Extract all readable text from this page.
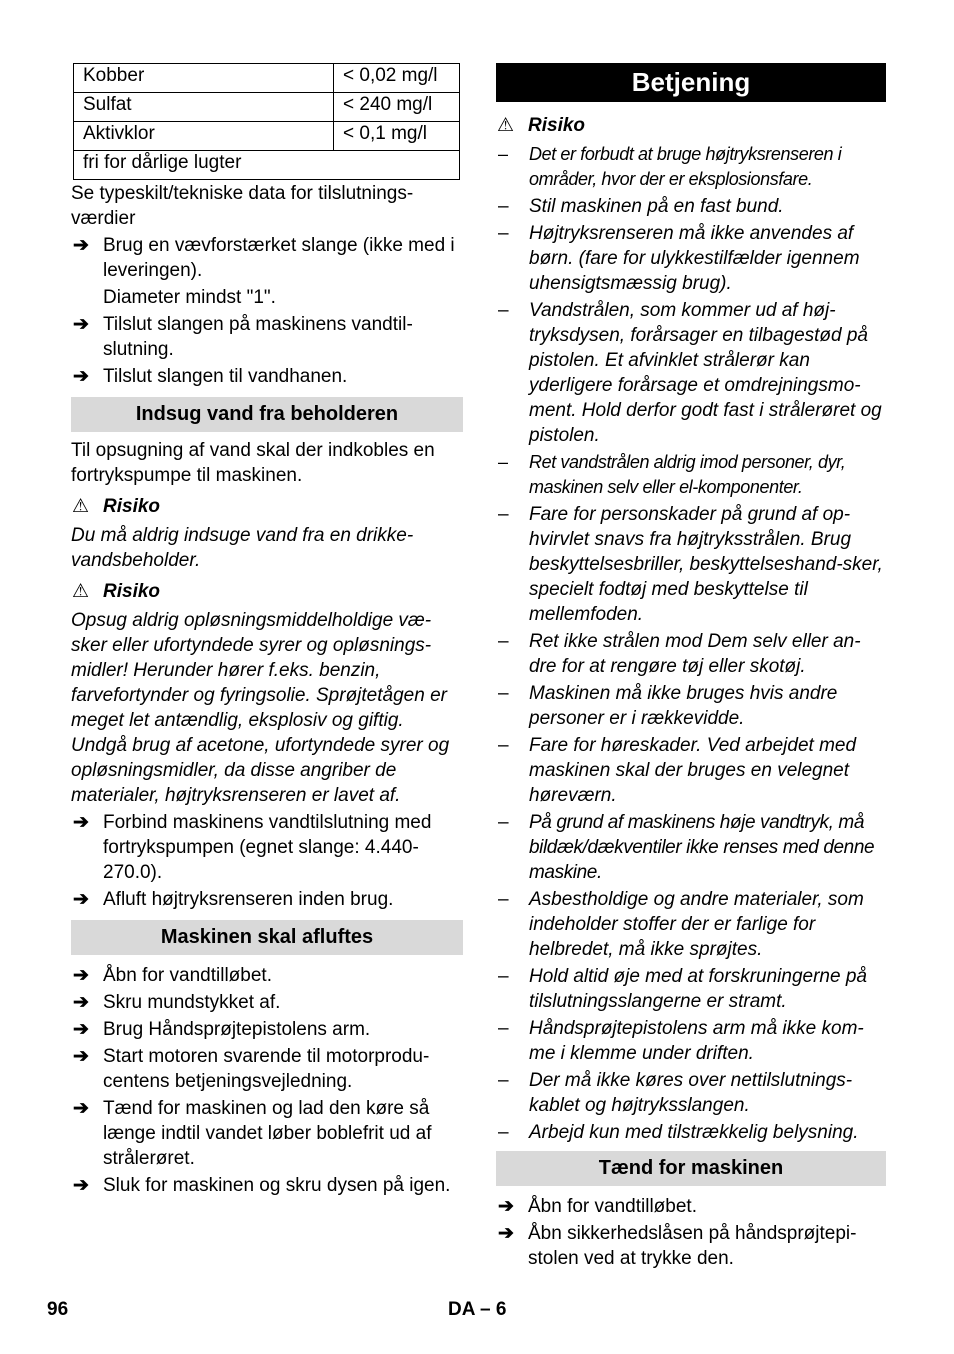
Kobber	< 0,02 mg/l
Sulfat	< 240 mg/l
Aktivklor	< 0,1 mg/l
fri for dårlige lugter	

Se typeskilt/tekniske data for tilslutnings-værdier

➔ Brug en vævforstærket slange (ikke med i leveringen).

Diameter mindst "1".

➔ Tilslut slangen på maskinens vandtil-slutning.
➔ Tilslut slangen til vandhanen.
Indsug vand fra beholderen

Til opsugning af vand skal der indkobles en fortrykspumpe til maskinen.

⚠ Risiko

Du må aldrig indsuge vand fra en drikke-vandsbeholder.

⚠ Risiko

Opsug aldrig opløsningsmiddelholdige væ-sker eller ufortyndede syrer og opløsnings-midler! Herunder hører f.eks. benzin, farvefortynder og fyringsolie. Sprøjtetågen er meget let antændlig, eksplosiv og giftig. Undgå brug af acetone, ufortyndede syrer og opløsningsmidler, da disse angriber de materialer, højtryksrenseren er lavet af.

➔ Forbind maskinens vandtilslutning med fortrykspumpen (egnet slange: 4.440-270.0).
➔ Afluft højtryksrenseren inden brug.
Maskinen skal afluftes
➔ Åbn for vandtilløbet.
➔ Skru mundstykket af.
➔ Brug Håndsprøjtepistolens arm.
➔ Start motoren svarende til motorprodu-centens betjeningsvejledning.
➔ Tænd for maskinen og lad den køre så længe indtil vandet løber boblefrit ud af strålerøret.
➔ Sluk for maskinen og skru dysen på igen.
Betjening
⚠ Risiko
– Det er forbudt at bruge højtryksrenseren i områder, hvor der er eksplosionsfare.
– Stil maskinen på en fast bund.
– Højtryksrenseren må ikke anvendes af børn. (fare for ulykkestilfælder igennem uhensigtsmæssig brug).
– Vandstrålen, som kommer ud af høj-tryksdysen, forårsager en tilbagestød på pistolen. Et afvinklet strålerør kan yderligere forårsage et omdrejningsmo-ment. Hold derfor godt fast i strålerøret og pistolen.
– Ret vandstrålen aldrig imod personer, dyr, maskinen selv eller el-komponenter.
– Fare for personskader på grund af op-hvirvlet snavs fra højtryksstrålen. Brug beskyttelsesbriller, beskyttelseshand-sker, specielt fodtøj med beskyttelse til mellemfoden.
– Ret ikke strålen mod Dem selv eller an-dre for at rengøre tøj eller skotøj.
– Maskinen må ikke bruges hvis andre personer er i rækkevidde.
– Fare for høreskader. Ved arbejdet med maskinen skal der bruges en velegnet høreværn.
– På grund af maskinens høje vandtryk, må bildæk/dækventiler ikke renses med denne maskine.
– Asbestholdige og andre materialer, som indeholder stoffer der er farlige for helbredet, må ikke sprøjtes.
– Hold altid øje med at forskruningerne på tilslutningsslangerne er stramt.
– Håndsprøjtepistolens arm må ikke kom-me i klemme under driften.
– Der må ikke køres over nettilslutnings-kablet og højtryksslangen.
– Arbejd kun med tilstrækkelig belysning.
Tænd for maskinen
➔ Åbn for vandtilløbet.
➔ Åbn sikkerhedslåsen på håndsprøjtepi-stolen ved at trykke den.
96	DA – 6
